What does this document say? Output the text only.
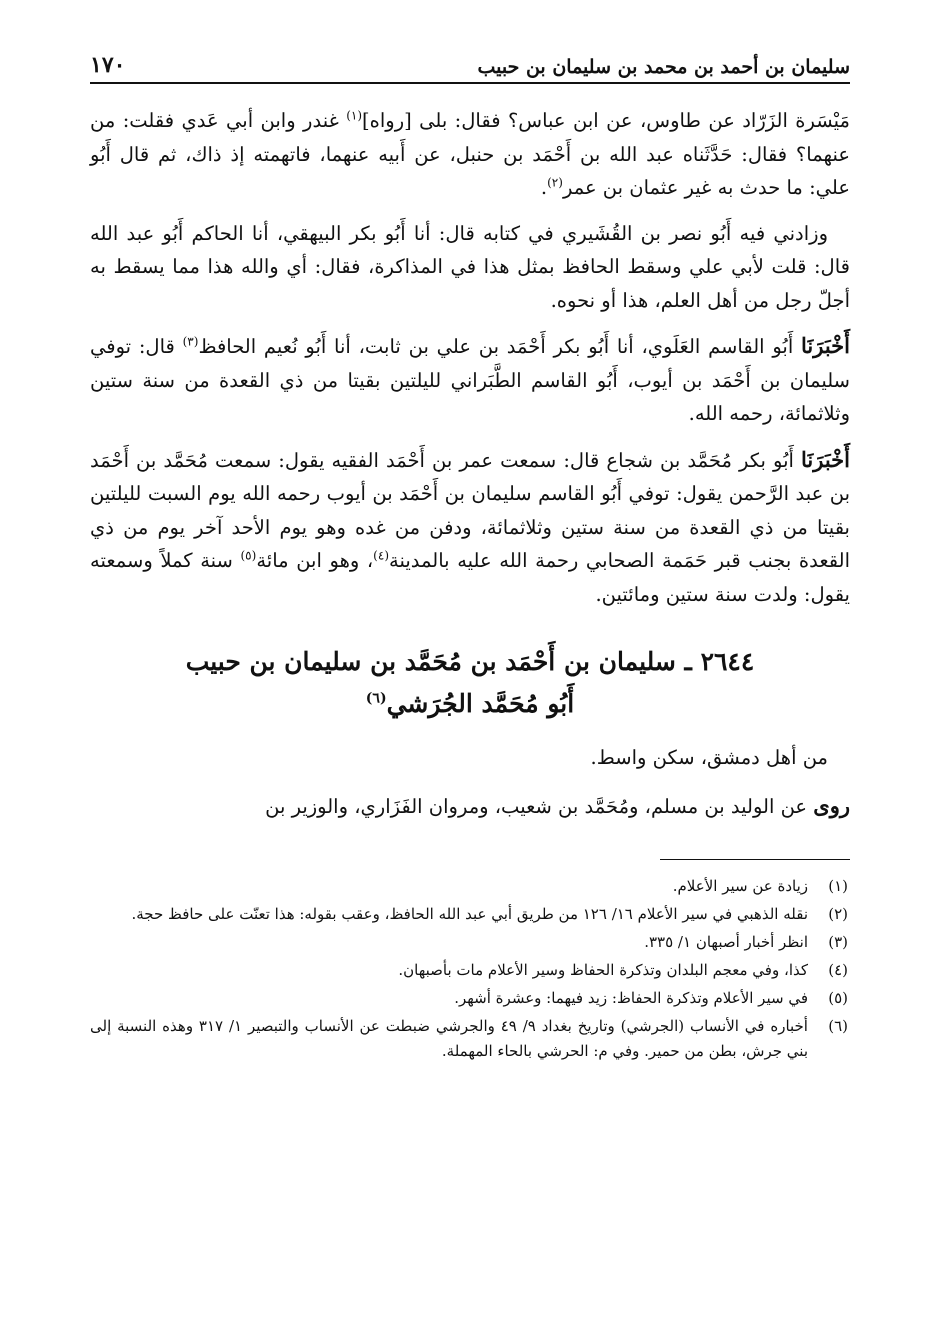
سليمان بن أحمد بن محمد بن سليمان بن حبيب
١٧٠

مَيْسَرة الزَرّاد عن طاوس، عن ابن عباس؟ فقال: بلى [رواه]$^{(١)}$ غندر وابن أبي عَدي فقلت: من عنهما؟ فقال: حَدَّثَناه عبد الله بن أَحْمَد بن حنبل، عن أَبيه عنهما، فاتهمته إذ ذاك، ثم قال أَبُو علي: ما حدث به غير عثمان بن عمر$^{(٢)}$.

وزادني فيه أَبُو نصر بن القُشَيري في كتابه قال: أنا أَبُو بكر البيهقي، أنا الحاكم أَبُو عبد الله قال: قلت لأبي علي وسقط الحافظ بمثل هذا في المذاكرة، فقال: أي والله هذا مما يسقط به أجلّ رجل من أهل العلم، هذا أو نحوه.

أَخْبَرَنَا أَبُو القاسم العَلَوي، أنا أَبُو بكر أَحْمَد بن علي بن ثابت، أنا أَبُو نُعيم الحافظ$^{(٣)}$ قال: توفي سليمان بن أَحْمَد بن أيوب، أَبُو القاسم الطَّبَراني لليلتين بقيتا من ذي القعدة من سنة ستين وثلاثمائة، رحمه الله.

أَخْبَرَنَا أَبُو بكر مُحَمَّد بن شجاع قال: سمعت عمر بن أَحْمَد الفقيه يقول: سمعت مُحَمَّد بن أَحْمَد بن عبد الرَّحمن يقول: توفي أَبُو القاسم سليمان بن أَحْمَد بن أيوب رحمه الله يوم السبت لليلتين بقيتا من ذي القعدة من سنة ستين وثلاثمائة، ودفن من غده وهو يوم الأحد آخر يوم من ذي القعدة بجنب قبر حَمَمة الصحابي رحمة الله عليه بالمدينة$^{(٤)}$، وهو ابن مائة$^{(٥)}$ سنة كملاً وسمعته يقول: ولدت سنة ستين ومائتين.

٢٦٤٤ ـ سليمان بن أَحْمَد بن مُحَمَّد بن سليمان بن حبيب
أَبُو مُحَمَّد الجُرَشي$^{(٦)}$

من أهل دمشق، سكن واسط.

روى عن الوليد بن مسلم، ومُحَمَّد بن شعيب، ومروان الفَزَاري، والوزير بن

(١)
زيادة عن سير الأعلام.
(٢)
نقله الذهبي في سير الأعلام ١٦/ ١٢٦ من طريق أبي عبد الله الحافظ، وعقب بقوله: هذا تعنّت على حافظ حجة.
(٣)
انظر أخبار أصبهان ١/ ٣٣٥.
(٤)
كذا، وفي معجم البلدان وتذكرة الحفاظ وسير الأعلام مات بأصبهان.
(٥)
في سير الأعلام وتذكرة الحفاظ: زيد فيهما: وعشرة أشهر.
(٦)
أخباره في الأنساب (الجرشي) وتاريخ بغداد ٩/ ٤٩ والجرشي ضبطت عن الأنساب والتبصير ١/ ٣١٧ وهذه النسبة إلى بني جرش، بطن من حمير. وفي م: الحرشي بالحاء المهملة.
